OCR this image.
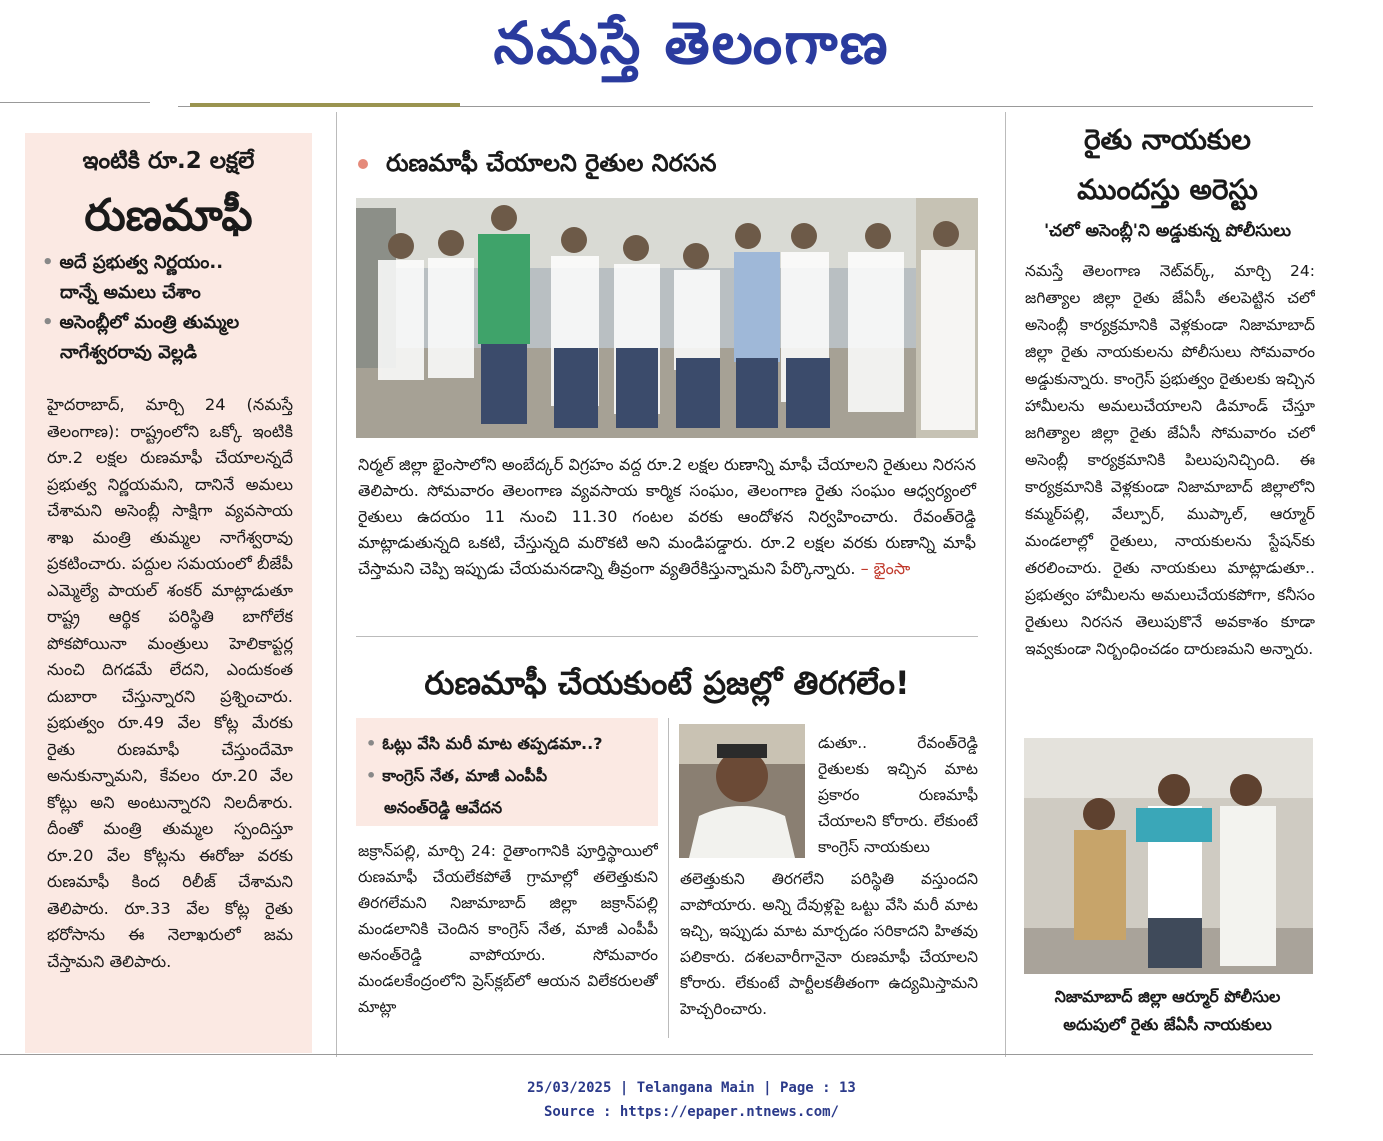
నమస్తే తెలంగాణ
ఇంటికి రూ.2 లక్షలే
రుణమాఫీ
• అదే ప్రభుత్వ నిర్ణయం..
దాన్నే అమలు చేశాం
• అసెంబ్లీలో మంత్రి తుమ్మల
నాగేశ్వరరావు వెల్లడి
హైదరాబాద్, మార్చి 24 (నమస్తే తెలంగాణ): రాష్ట్రంలోని ఒక్కో ఇంటికి రూ.2 లక్షల రుణమాఫీ చేయాలన్నదే ప్రభుత్వ నిర్ణయమని, దానినే అమలు చేశామని అసెంబ్లీ సాక్షిగా వ్యవసాయ శాఖ మంత్రి తుమ్మల నాగేశ్వరావు ప్రకటించారు. పద్దుల సమయంలో బీజేపీ ఎమ్మెల్యే పాయల్ శంకర్ మాట్లాడుతూ రాష్ట్ర ఆర్థిక పరిస్థితి బాగోలేక పోకపోయినా మంత్రులు హెలికాప్టర్ల నుంచి దిగడమే లేదని, ఎందుకంత దుబారా చేస్తున్నారని ప్రశ్నించారు. ప్రభుత్వం రూ.49 వేల కోట్ల మేరకు రైతు రుణమాఫీ చేస్తుందేమో అనుకున్నామని, కేవలం రూ.20 వేల కోట్లు అని అంటున్నారని నిలదీశారు. దీంతో మంత్రి తుమ్మల స్పందిస్తూ రూ.20 వేల కోట్లను ఈరోజు వరకు రుణమాఫీ కింద రిలీజ్ చేశామని తెలిపారు. రూ.33 వేల కోట్ల రైతు భరోసాను ఈ నెలాఖరులో జమ చేస్తామని తెలిపారు.
రుణమాఫీ చేయాలని రైతుల నిరసన
నిర్మల్ జిల్లా భైంసాలోని అంబేద్కర్ విగ్రహం వద్ద రూ.2 లక్షల రుణాన్ని మాఫీ చేయాలని రైతులు నిరసన తెలిపారు. సోమవారం తెలంగాణ వ్యవసాయ కార్మిక సంఘం, తెలంగాణ రైతు సంఘం ఆధ్వర్యంలో రైతులు ఉదయం 11 నుంచి 11.30 గంటల వరకు ఆందోళన నిర్వహించారు. రేవంత్‌రెడ్డి మాట్లాడుతున్నది ఒకటి, చేస్తున్నది మరొకటి అని మండిపడ్డారు. రూ.2 లక్షల వరకు రుణాన్ని మాఫీ చేస్తామని చెప్పి ఇప్పుడు చేయమనడాన్ని తీవ్రంగా వ్యతిరేకిస్తున్నామని పేర్కొన్నారు. – భైంసా
రుణమాఫీ చేయకుంటే ప్రజల్లో తిరగలేం!
• ఓట్లు వేసి మరీ మాట తప్పడమా..?
• కాంగ్రెస్ నేత, మాజీ ఎంపీపీ
అనంత్‌రెడ్డి ఆవేదన
జక్రాన్‌పల్లి, మార్చి 24: రైతాంగానికి పూర్తిస్థాయిలో రుణమాఫీ చేయలేకపోతే గ్రామాల్లో తలెత్తుకుని తిరగలేమని నిజామాబాద్ జిల్లా జక్రాన్‌పల్లి మండలానికి చెందిన కాంగ్రెస్ నేత, మాజీ ఎంపీపీ అనంత్‌రెడ్డి వాపోయారు. సోమవారం మండలకేంద్రంలోని ప్రెస్‌క్లబ్‌లో ఆయన విలేకరులతో మాట్లా
డుతూ.. రేవంత్‌రెడ్డి రైతులకు ఇచ్చిన మాట ప్రకారం రుణమాఫీ చేయాలని కోరారు. లేకుంటే కాంగ్రెస్ నాయకులు
తలెత్తుకుని తిరగలేని పరిస్థితి వస్తుందని వాపోయారు. అన్ని దేవుళ్లపై ఒట్టు వేసి మరీ మాట ఇచ్చి, ఇప్పుడు మాట మార్చడం సరికాదని హితవు పలికారు. దశలవారీగానైనా రుణమాఫీ చేయాలని కోరారు. లేకుంటే పార్టీలకతీతంగా ఉద్యమిస్తామని హెచ్చరించారు.
రైతు నాయకుల
ముందస్తు అరెస్టు
'చలో అసెంబ్లీ'ని అడ్డుకున్న పోలీసులు
నమస్తే తెలంగాణ నెట్‌వర్క్, మార్చి 24: జగిత్యాల జిల్లా రైతు జేఏసీ తలపెట్టిన చలో అసెంబ్లీ కార్యక్రమానికి వెళ్లకుండా నిజామాబాద్ జిల్లా రైతు నాయకులను పోలీసులు సోమవారం అడ్డుకున్నారు. కాంగ్రెస్ ప్రభుత్వం రైతులకు ఇచ్చిన హామీలను అమలుచేయాలని డిమాండ్ చేస్తూ జగిత్యాల జిల్లా రైతు జేఏసీ సోమవారం చలో అసెంబ్లీ కార్యక్రమానికి పిలుపునిచ్చింది. ఈ కార్యక్రమానికి వెళ్లకుండా నిజామాబాద్ జిల్లాలోని కమ్మర్‌పల్లి, వేల్పూర్, ముప్కాల్, ఆర్మూర్ మండలాల్లో రైతులు, నాయకులను స్టేషన్‌కు తరలించారు. రైతు నాయకులు మాట్లాడుతూ.. ప్రభుత్వం హామీలను అమలుచేయకపోగా, కనీసం రైతులు నిరసన తెలుపుకొనే అవకాశం కూడా ఇవ్వకుండా నిర్బంధించడం దారుణమని అన్నారు.
నిజామాబాద్ జిల్లా ఆర్మూర్ పోలీసుల
అదుపులో రైతు జేఏసీ నాయకులు
25/03/2025 | Telangana Main | Page : 13
Source : https://epaper.ntnews.com/
